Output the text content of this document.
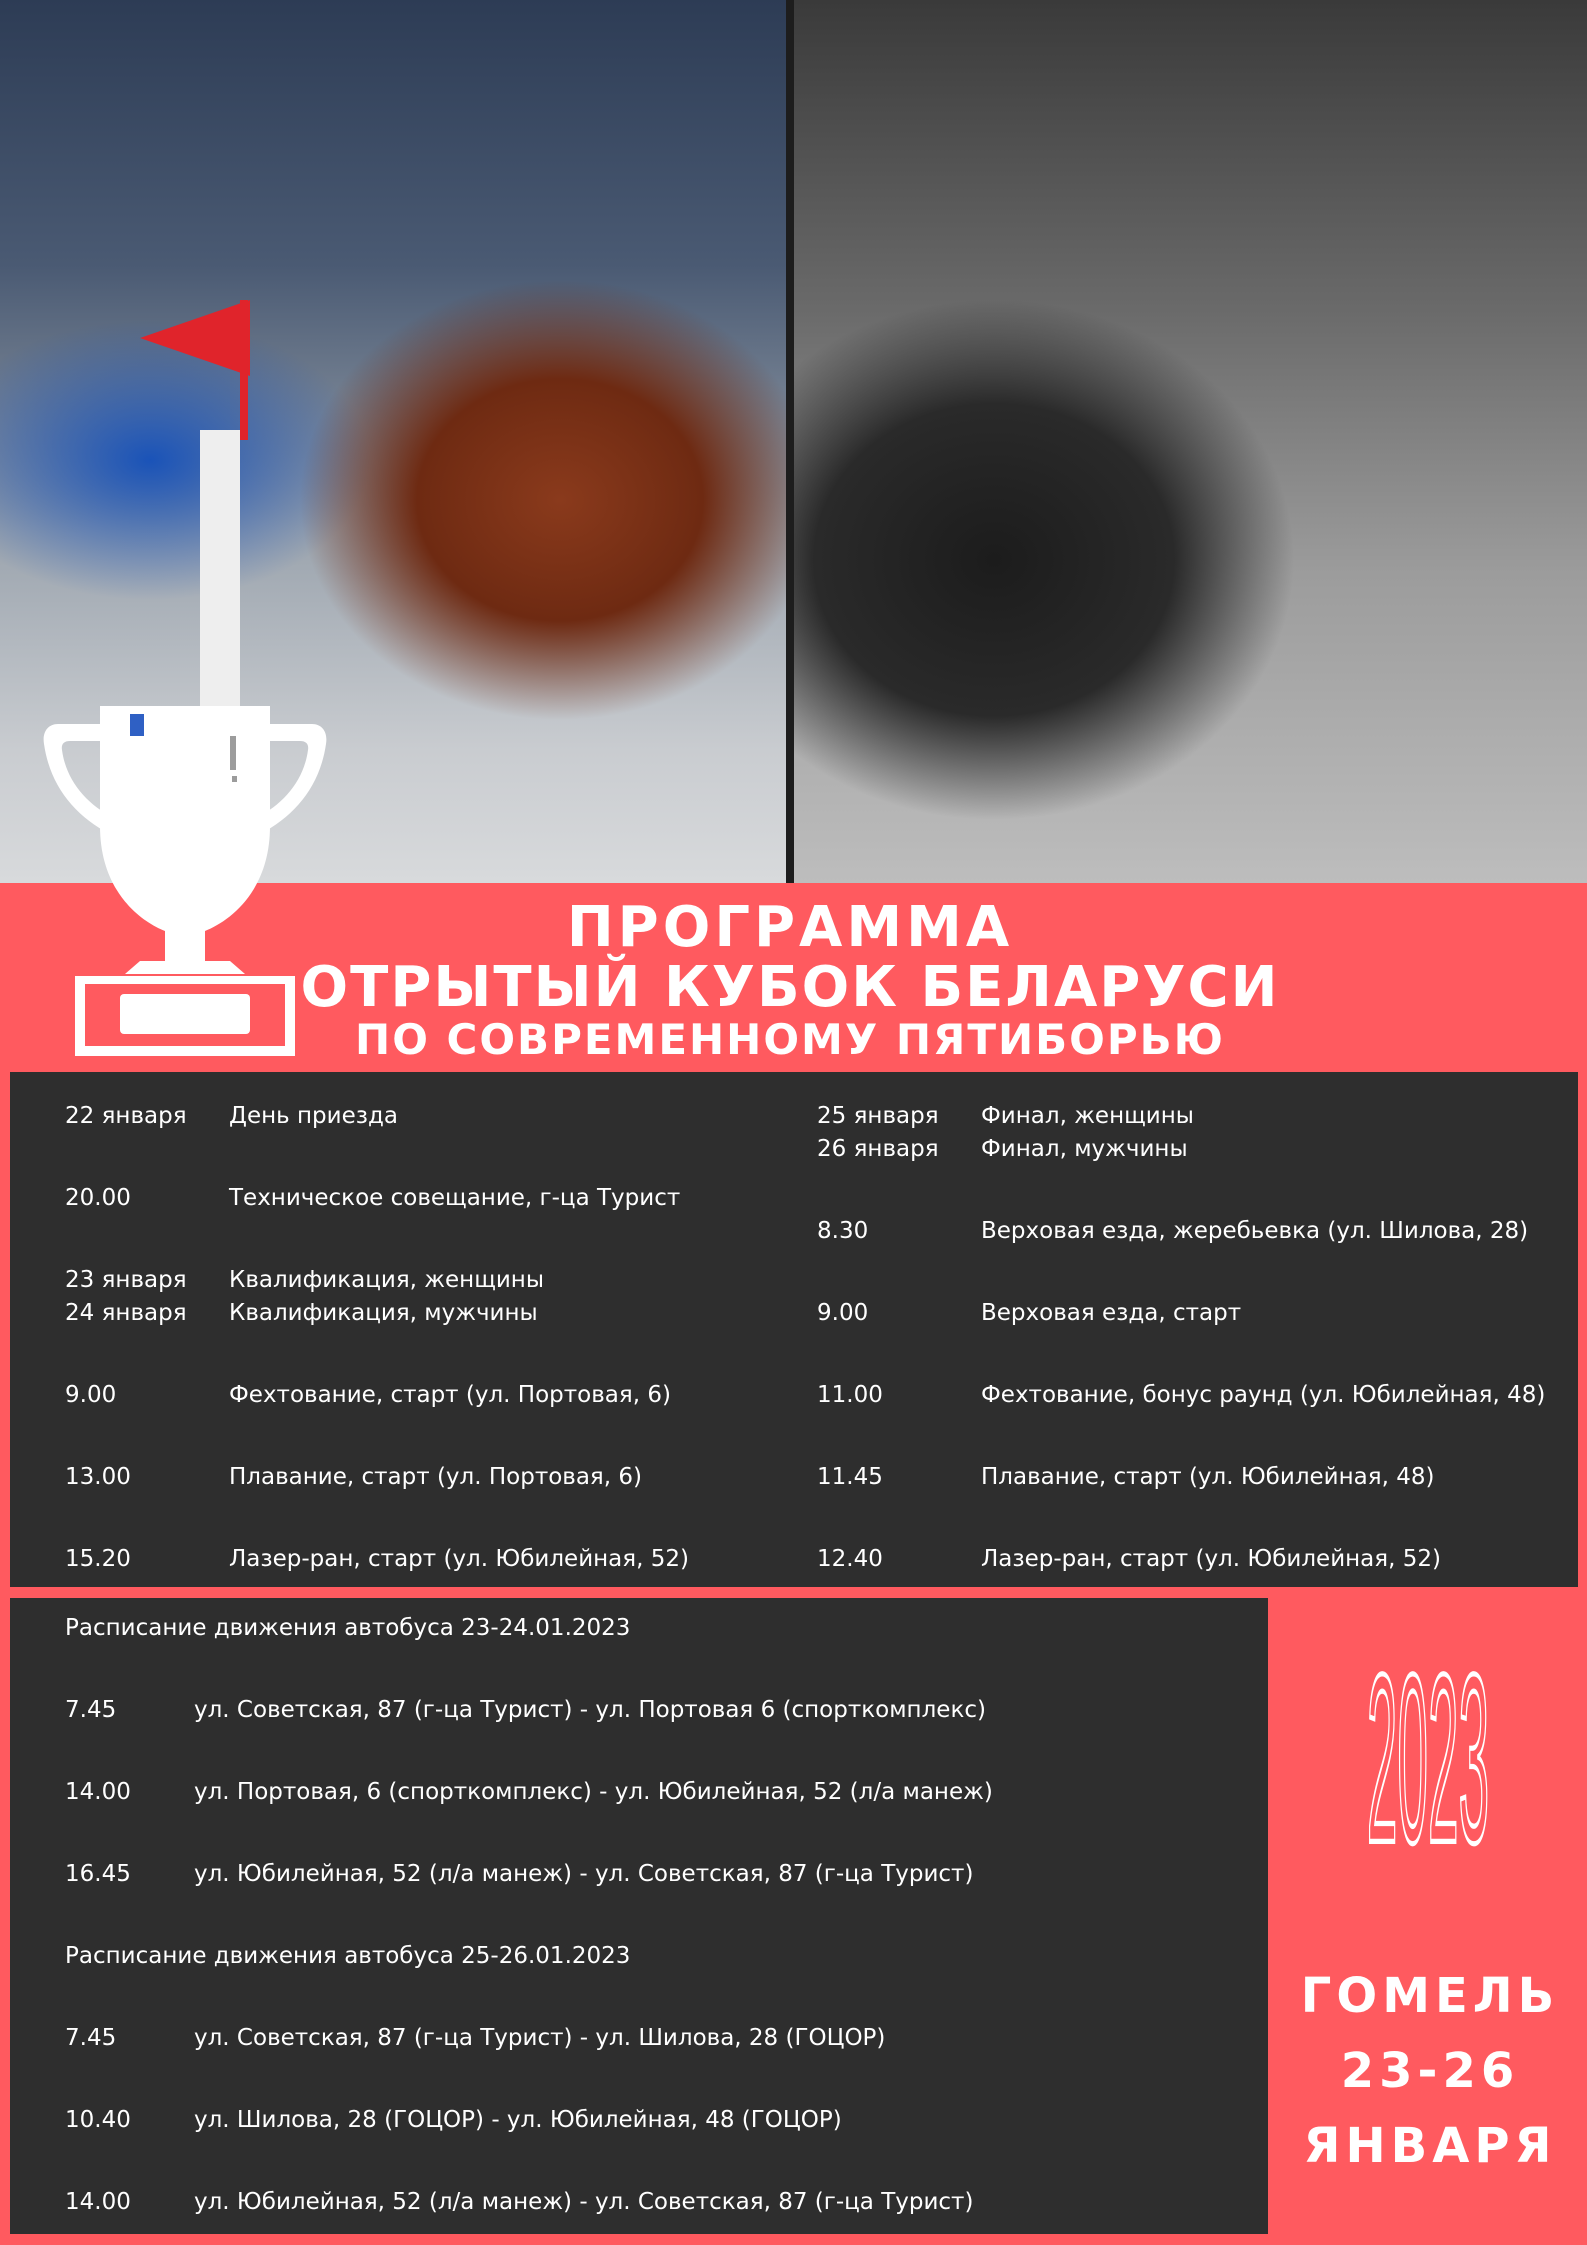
ПРОГРАММА
ОТРЫТЫЙ КУБОК БЕЛАРУСИ
ПО СОВРЕМЕННОМУ ПЯТИБОРЬЮ
22 января День приезда
20.00	Техническое совещание, г-ца Турист
23 января Квалификация, женщины
24 января Квалификация, мужчины
9.00	Фехтование, старт (ул. Портовая, 6)
13.00	Плавание, старт (ул. Портовая, 6)
15.20	Лазер-ран, старт (ул. Юбилейная, 52)
25 января Финал, женщины
26 января Финал, мужчины
8.30	Верховая езда, жеребьевка (ул. Шилова, 28)
9.00	Верховая езда, старт
11.00	Фехтование, бонус раунд (ул. Юбилейная, 48)
11.45	Плавание, старт (ул. Юбилейная, 48)
12.40	Лазер-ран, старт (ул. Юбилейная, 52)
Расписание движения автобуса 23-24.01.2023
7.45	ул. Советская, 87 (г-ца Турист) - ул. Портовая 6 (спорткомплекс)
14.00	ул. Портовая, 6 (спорткомплекс) - ул. Юбилейная, 52 (л/а манеж)
16.45	ул. Юбилейная, 52 (л/а манеж) - ул. Советская, 87 (г-ца Турист)
Расписание движения автобуса 25-26.01.2023
7.45	ул. Советская, 87 (г-ца Турист) - ул. Шилова, 28 (ГОЦОР)
10.40	ул. Шилова, 28 (ГОЦОР) - ул. Юбилейная, 48 (ГОЦОР)
14.00	ул. Юбилейная, 52 (л/а манеж) - ул. Советская, 87 (г-ца Турист)
2023
ГОМЕЛЬ
23-26
ЯНВАРЯ
